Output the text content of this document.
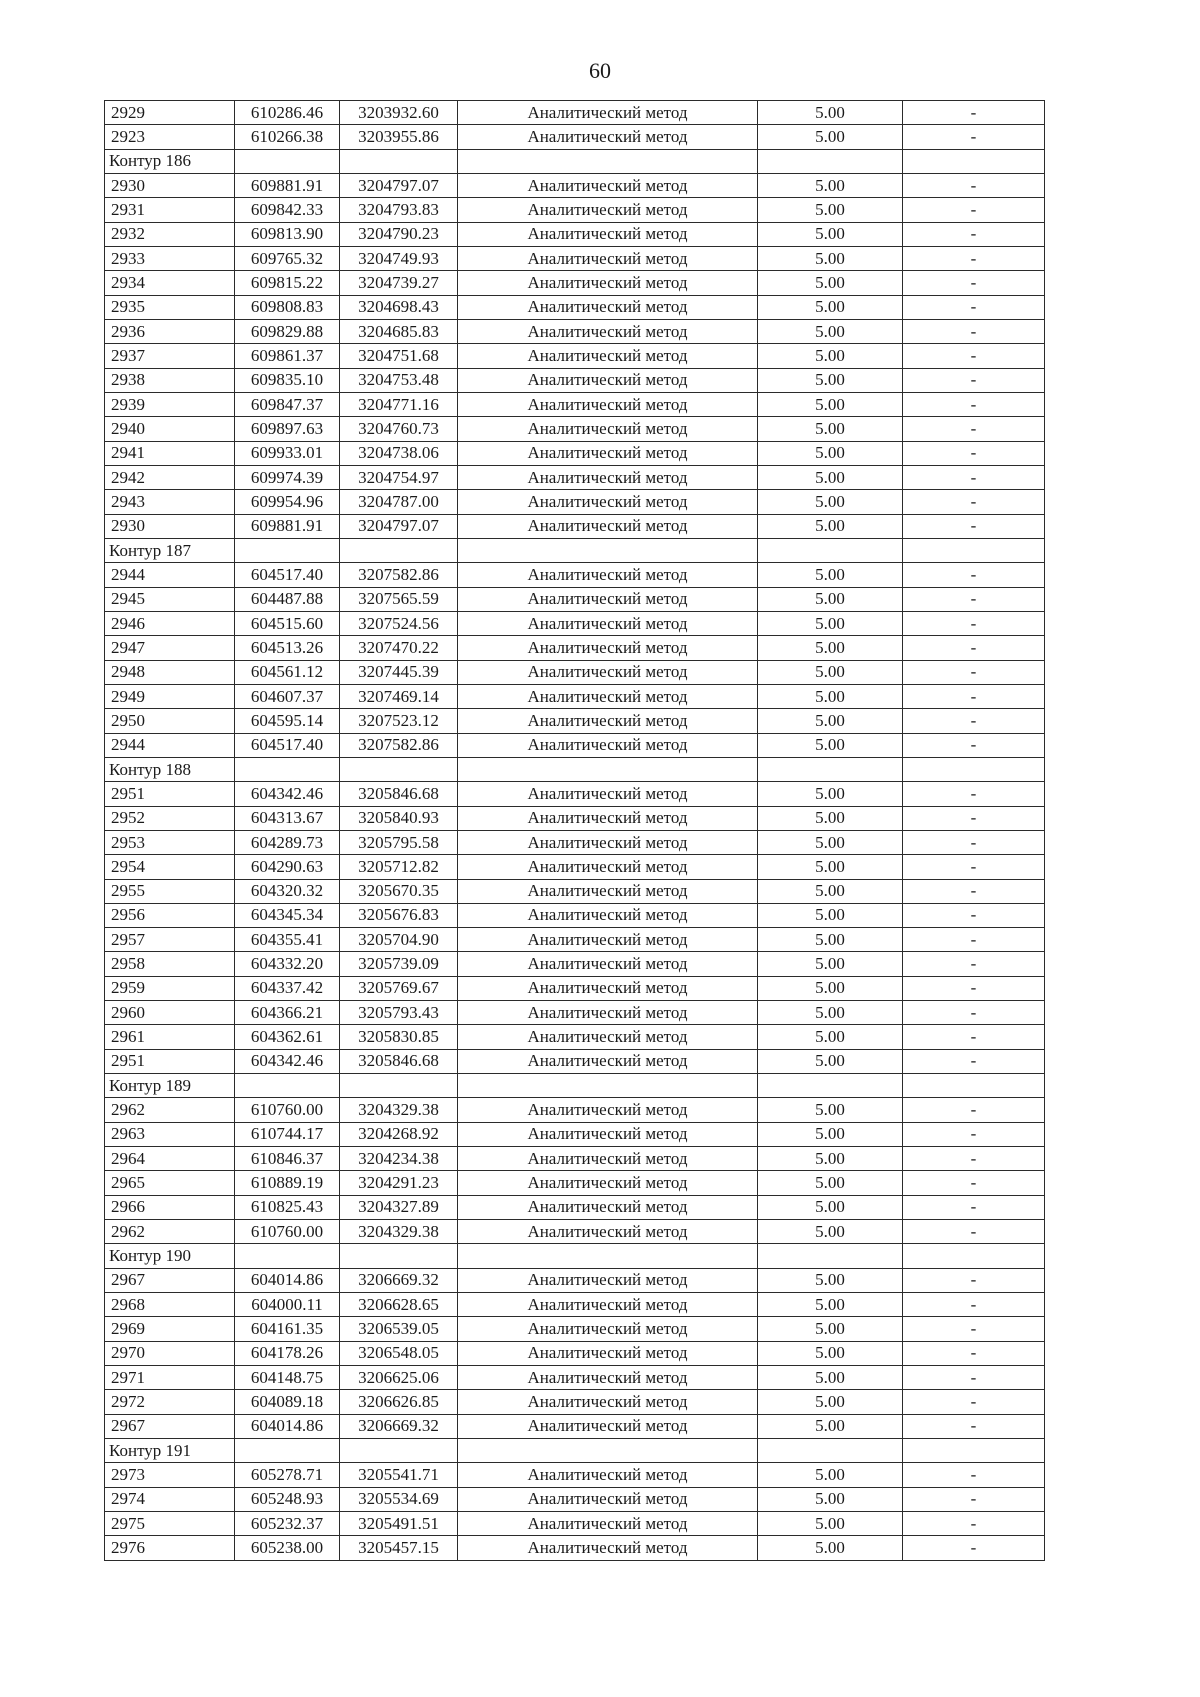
60
2929	610286.46	3203932.60	Аналитический метод	5.00	-
2923	610266.38	3203955.86	Аналитический метод	5.00	-
Контур 186					
2930	609881.91	3204797.07	Аналитический метод	5.00	-
2931	609842.33	3204793.83	Аналитический метод	5.00	-
2932	609813.90	3204790.23	Аналитический метод	5.00	-
2933	609765.32	3204749.93	Аналитический метод	5.00	-
2934	609815.22	3204739.27	Аналитический метод	5.00	-
2935	609808.83	3204698.43	Аналитический метод	5.00	-
2936	609829.88	3204685.83	Аналитический метод	5.00	-
2937	609861.37	3204751.68	Аналитический метод	5.00	-
2938	609835.10	3204753.48	Аналитический метод	5.00	-
2939	609847.37	3204771.16	Аналитический метод	5.00	-
2940	609897.63	3204760.73	Аналитический метод	5.00	-
2941	609933.01	3204738.06	Аналитический метод	5.00	-
2942	609974.39	3204754.97	Аналитический метод	5.00	-
2943	609954.96	3204787.00	Аналитический метод	5.00	-
2930	609881.91	3204797.07	Аналитический метод	5.00	-
Контур 187					
2944	604517.40	3207582.86	Аналитический метод	5.00	-
2945	604487.88	3207565.59	Аналитический метод	5.00	-
2946	604515.60	3207524.56	Аналитический метод	5.00	-
2947	604513.26	3207470.22	Аналитический метод	5.00	-
2948	604561.12	3207445.39	Аналитический метод	5.00	-
2949	604607.37	3207469.14	Аналитический метод	5.00	-
2950	604595.14	3207523.12	Аналитический метод	5.00	-
2944	604517.40	3207582.86	Аналитический метод	5.00	-
Контур 188					
2951	604342.46	3205846.68	Аналитический метод	5.00	-
2952	604313.67	3205840.93	Аналитический метод	5.00	-
2953	604289.73	3205795.58	Аналитический метод	5.00	-
2954	604290.63	3205712.82	Аналитический метод	5.00	-
2955	604320.32	3205670.35	Аналитический метод	5.00	-
2956	604345.34	3205676.83	Аналитический метод	5.00	-
2957	604355.41	3205704.90	Аналитический метод	5.00	-
2958	604332.20	3205739.09	Аналитический метод	5.00	-
2959	604337.42	3205769.67	Аналитический метод	5.00	-
2960	604366.21	3205793.43	Аналитический метод	5.00	-
2961	604362.61	3205830.85	Аналитический метод	5.00	-
2951	604342.46	3205846.68	Аналитический метод	5.00	-
Контур 189					
2962	610760.00	3204329.38	Аналитический метод	5.00	-
2963	610744.17	3204268.92	Аналитический метод	5.00	-
2964	610846.37	3204234.38	Аналитический метод	5.00	-
2965	610889.19	3204291.23	Аналитический метод	5.00	-
2966	610825.43	3204327.89	Аналитический метод	5.00	-
2962	610760.00	3204329.38	Аналитический метод	5.00	-
Контур 190					
2967	604014.86	3206669.32	Аналитический метод	5.00	-
2968	604000.11	3206628.65	Аналитический метод	5.00	-
2969	604161.35	3206539.05	Аналитический метод	5.00	-
2970	604178.26	3206548.05	Аналитический метод	5.00	-
2971	604148.75	3206625.06	Аналитический метод	5.00	-
2972	604089.18	3206626.85	Аналитический метод	5.00	-
2967	604014.86	3206669.32	Аналитический метод	5.00	-
Контур 191					
2973	605278.71	3205541.71	Аналитический метод	5.00	-
2974	605248.93	3205534.69	Аналитический метод	5.00	-
2975	605232.37	3205491.51	Аналитический метод	5.00	-
2976	605238.00	3205457.15	Аналитический метод	5.00	-
